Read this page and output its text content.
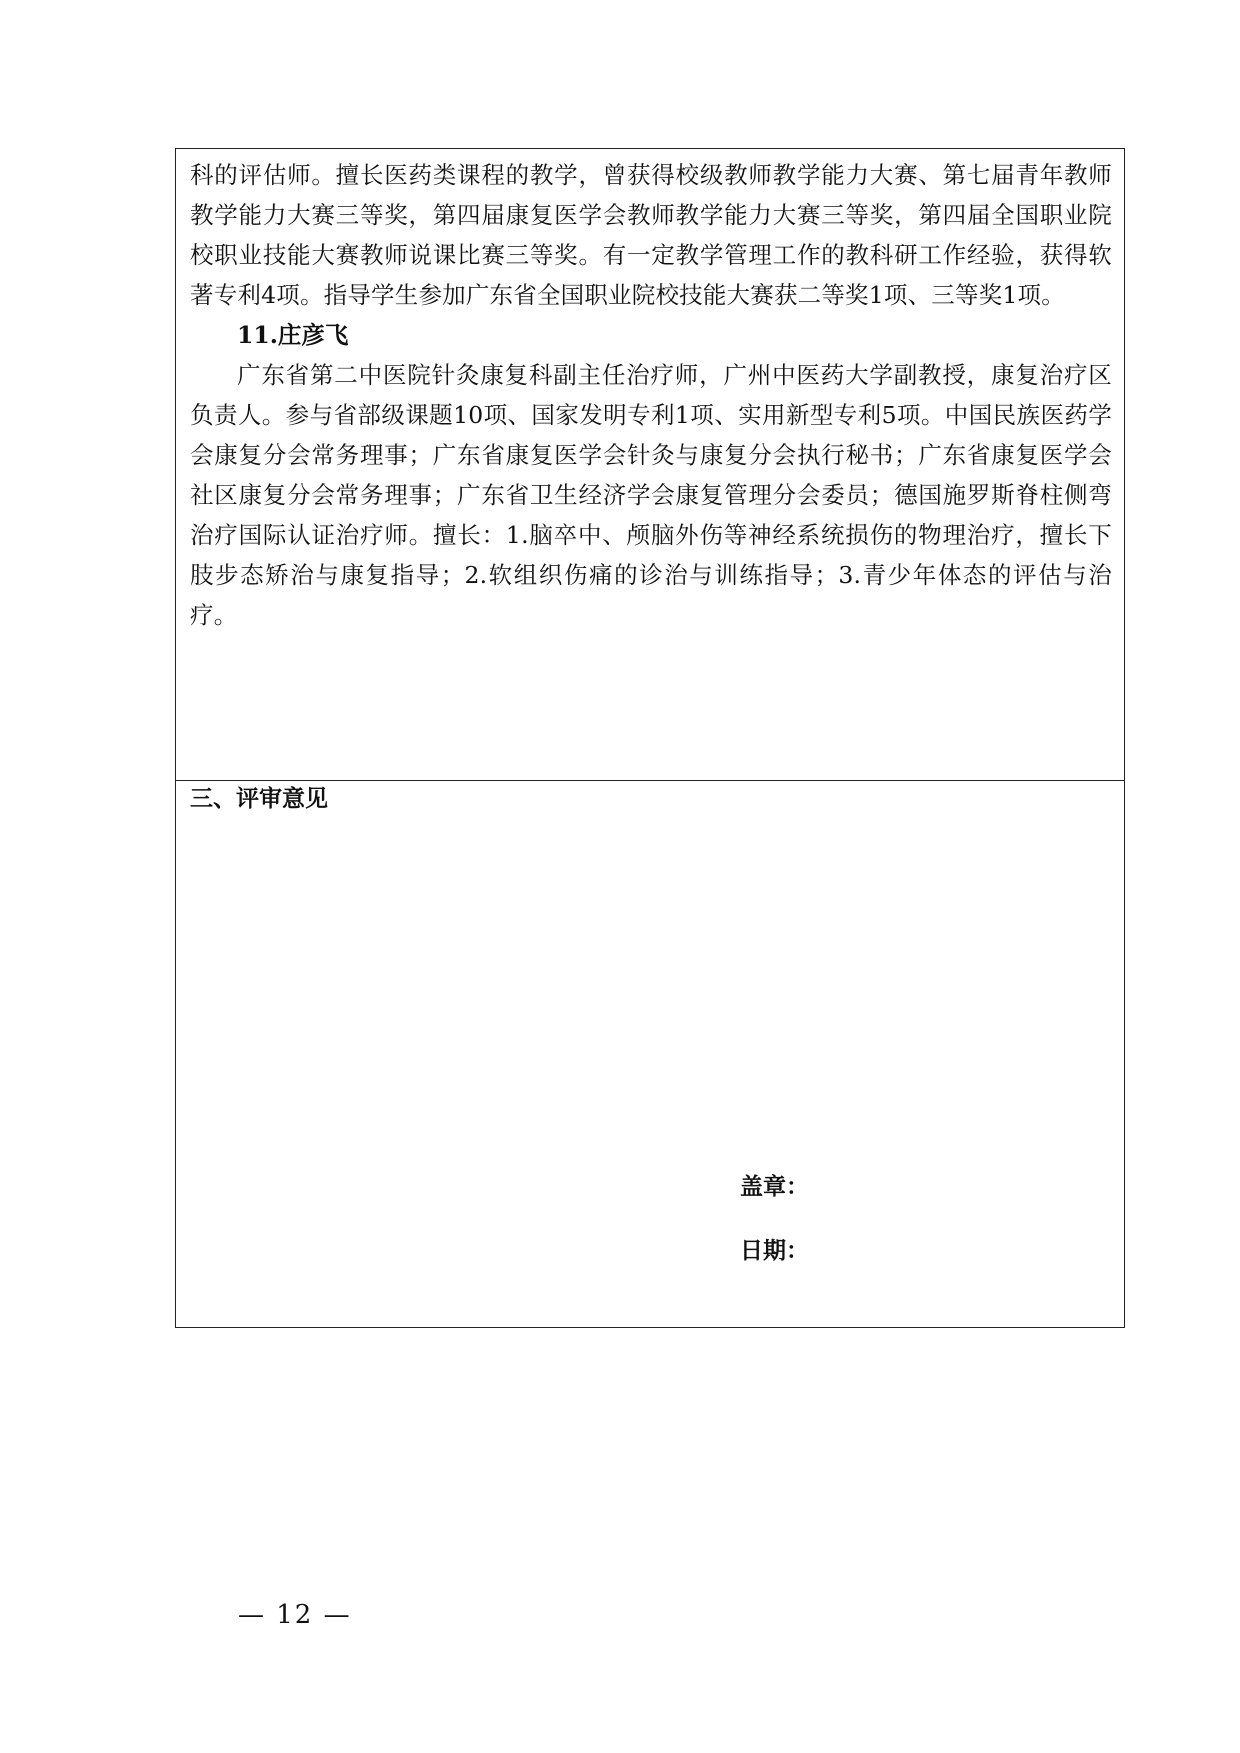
科的评估师。擅长医药类课程的教学，曾获得校级教师教学能力大赛、第七届青年教师教学能力大赛三等奖，第四届康复医学会教师教学能力大赛三等奖，第四届全国职业院校职业技能大赛教师说课比赛三等奖。有一定教学管理工作的教科研工作经验，获得软著专利4项。指导学生参加广东省全国职业院校技能大赛获二等奖1项、三等奖1项。

11.庄彦飞

广东省第二中医院针灸康复科副主任治疗师，广州中医药大学副教授，康复治疗区负责人。参与省部级课题10项、国家发明专利1项、实用新型专利5项。中国民族医药学会康复分会常务理事；广东省康复医学会针灸与康复分会执行秘书；广东省康复医学会社区康复分会常务理事；广东省卫生经济学会康复管理分会委员；德国施罗斯脊柱侧弯治疗国际认证治疗师。擅长：1.脑卒中、颅脑外伤等神经系统损伤的物理治疗，擅长下肢步态矫治与康复指导；2.软组织伤痛的诊治与训练指导；3.青少年体态的评估与治疗。

三、评审意见
盖章：
日期：
— 12 —
